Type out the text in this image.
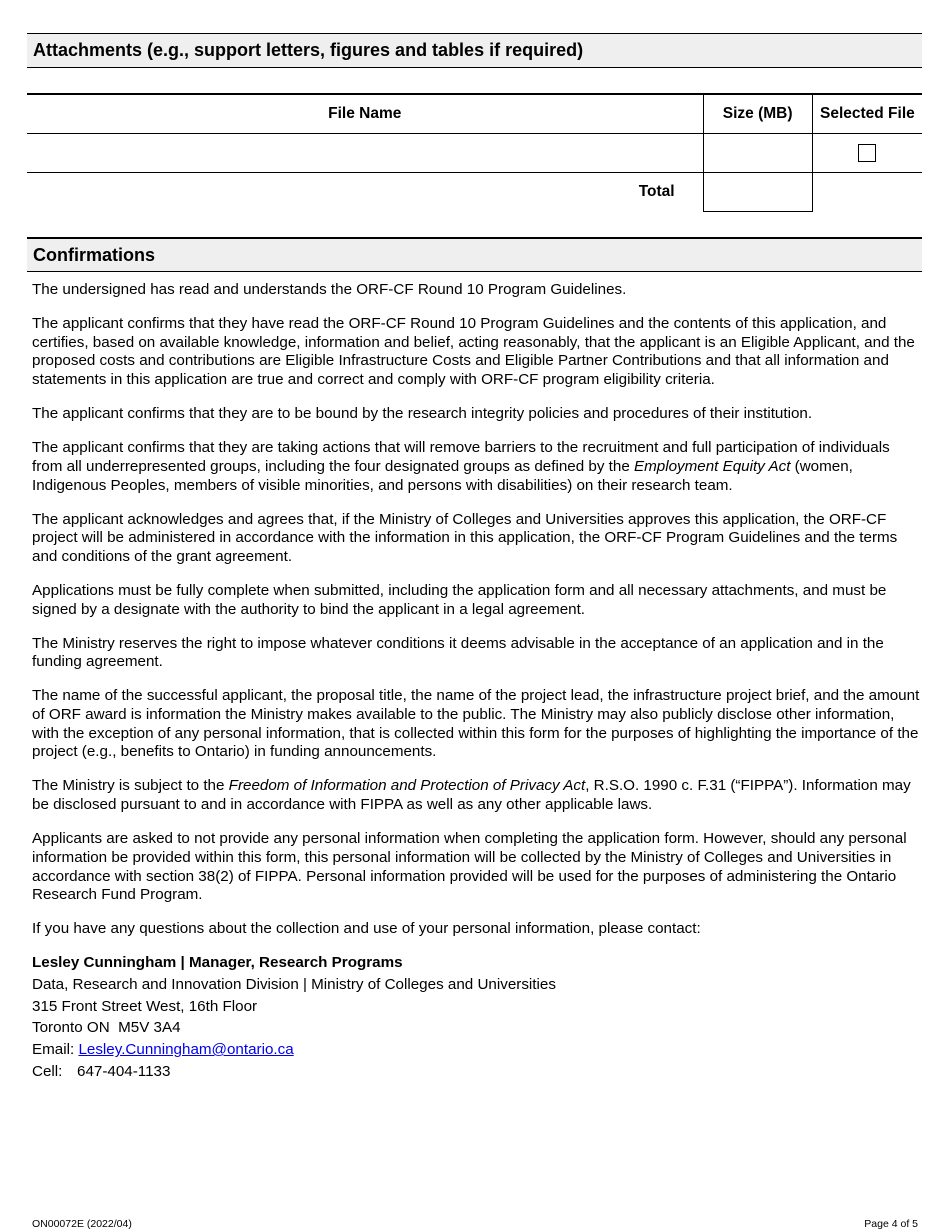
Attachments (e.g., support letters, figures and tables if required)
File Name	Size (MB)	Selected File

Total		
Confirmations

The undersigned has read and understands the ORF-CF Round 10 Program Guidelines.

The applicant confirms that they have read the ORF-CF Round 10 Program Guidelines and the contents of this application, and certifies, based on available knowledge, information and belief, acting reasonably, that the applicant is an Eligible Applicant, and the proposed costs and contributions are Eligible Infrastructure Costs and Eligible Partner Contributions and that all information and statements in this application are true and correct and comply with ORF-CF program eligibility criteria.

The applicant confirms that they are to be bound by the research integrity policies and procedures of their institution.

The applicant confirms that they are taking actions that will remove barriers to the recruitment and full participation of individuals from all underrepresented groups, including the four designated groups as defined by the Employment Equity Act (women, Indigenous Peoples, members of visible minorities, and persons with disabilities) on their research team.

The applicant acknowledges and agrees that, if the Ministry of Colleges and Universities approves this application, the ORF-CF project will be administered in accordance with the information in this application, the ORF-CF Program Guidelines and the terms and conditions of the grant agreement.

Applications must be fully complete when submitted, including the application form and all necessary attachments, and must be signed by a designate with the authority to bind the applicant in a legal agreement.

The Ministry reserves the right to impose whatever conditions it deems advisable in the acceptance of an application and in the funding agreement.

The name of the successful applicant, the proposal title, the name of the project lead, the infrastructure project brief, and the amount of ORF award is information the Ministry makes available to the public. The Ministry may also publicly disclose other information, with the exception of any personal information, that is collected within this form for the purposes of highlighting the importance of the project (e.g., benefits to Ontario) in funding announcements.

The Ministry is subject to the Freedom of Information and Protection of Privacy Act, R.S.O. 1990 c. F.31 (“FIPPA”). Information may be disclosed pursuant to and in accordance with FIPPA as well as any other applicable laws.

Applicants are asked to not provide any personal information when completing the application form. However, should any personal information be provided within this form, this personal information will be collected by the Ministry of Colleges and Universities in accordance with section 38(2) of FIPPA. Personal information provided will be used for the purposes of administering the Ontario Research Fund Program.

If you have any questions about the collection and use of your personal information, please contact:

Lesley Cunningham | Manager, Research Programs
Data, Research and Innovation Division | Ministry of Colleges and Universities
315 Front Street West, 16th Floor
Toronto ON  M5V 3A4
Email: Lesley.Cunningham@ontario.ca
Cell: 647-404-1133
ON00072E (2022/04)	Page 4 of 5
